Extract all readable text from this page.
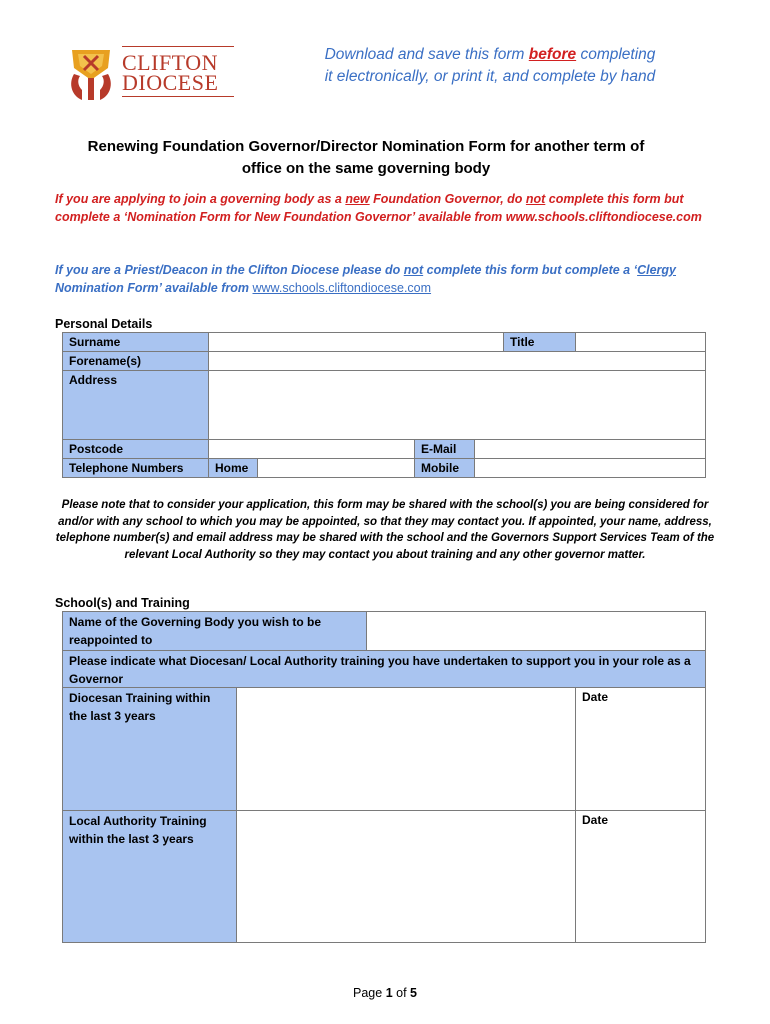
CLIFTON
DIOCESE
Download and save this form before completing
it electronically, or print it, and complete by hand
Renewing Foundation Governor/Director Nomination Form for another term of
office on the same governing body
If you are applying to join a governing body as a new Foundation Governor, do not complete this form but complete a ‘Nomination Form for New Foundation Governor’ available from www.schools.cliftondiocese.com
If you are a Priest/Deacon in the Clifton Diocese please do not complete this form but complete a ‘Clergy Nomination Form’ available from www.schools.cliftondiocese.com
Personal Details
Surname	Title
Forename(s)
Address
Postcode	E-Mail
Telephone Numbers	Home	Mobile
Please note that to consider your application, this form may be shared with the school(s) you are being considered for and/or with any school to which you may be appointed, so that they may contact you. If appointed, your name, address, telephone number(s) and email address may be shared with the school and the Governors Support Services Team of the relevant Local Authority so they may contact you about training and any other governor matter.
School(s) and Training
Name of the Governing Body you wish to be reappointed to
Please indicate what Diocesan/ Local Authority training you have undertaken to support you in your role as a Governor
Diocesan Training within the last 3 years
Date
Local Authority Training within the last 3 years
Date
Page 1 of 5
